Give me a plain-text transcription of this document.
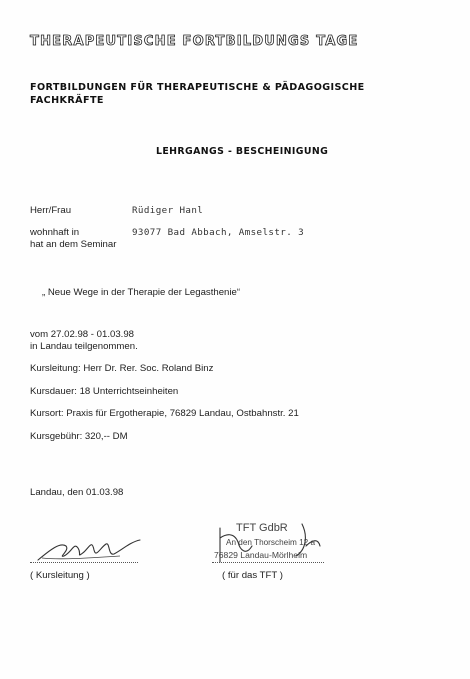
THERAPEUTISCHE FORTBILDUNGS TAGE
FORTBILDUNGEN FÜR THERAPEUTISCHE & PÄDAGOGISCHE
FACHKRÄFTE
LEHRGANGS - BESCHEINIGUNG
Herr/Frau	Rüdiger Hanl
wohnhaft in	93077 Bad Abbach, Amselstr. 3
hat an dem Seminar
„ Neue Wege in der Therapie der Legasthenie“
vom 27.02.98 - 01.03.98
in Landau teilgenommen.
Kursleitung: Herr Dr. Rer. Soc. Roland Binz
Kursdauer: 18 Unterrichtseinheiten
Kursort: Praxis für Ergotherapie, 76829 Landau, Ostbahnstr. 21
Kursgebühr: 320,-- DM
Landau, den 01.03.98
( Kursleitung )
TFT GdbR
An den Thorscheim 12 a
76829 Landau-Mörlheim
( für das TFT )
